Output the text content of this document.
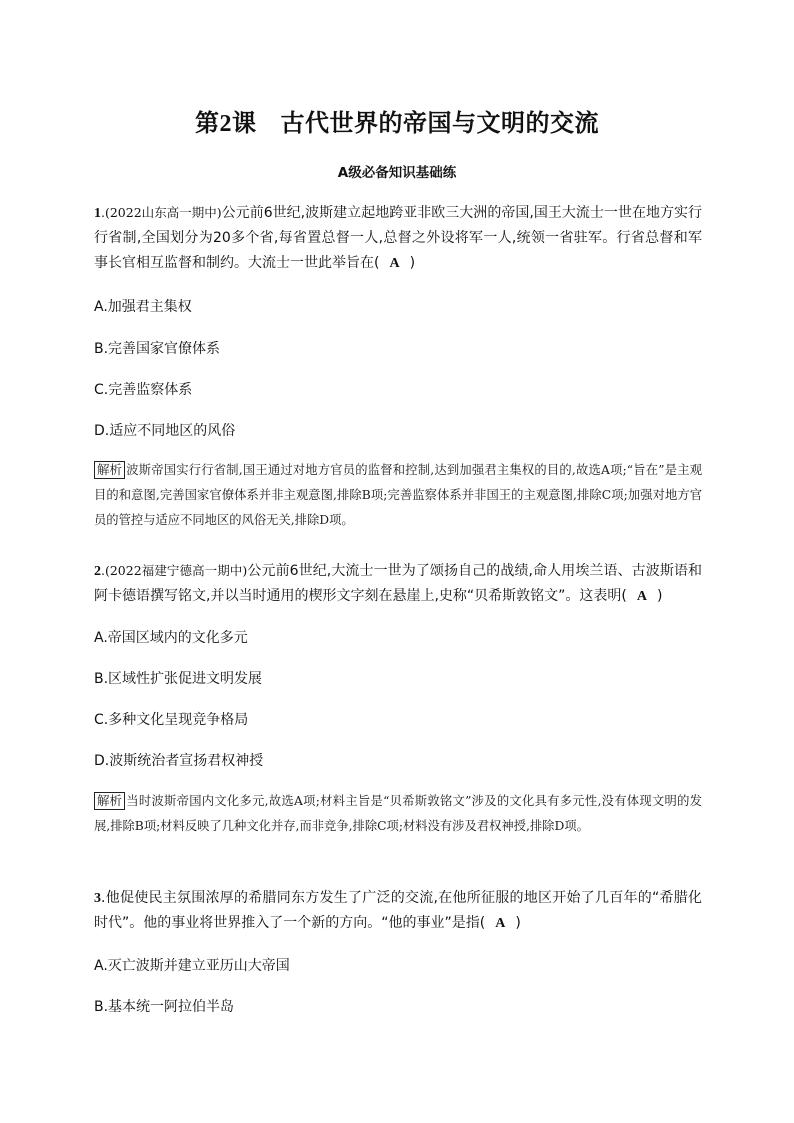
第2课 古代世界的帝国与文明的交流
A级必备知识基础练
1.(2022山东高一期中)公元前6世纪,波斯建立起地跨亚非欧三大洲的帝国,国王大流士一世在地方实行行省制,全国划分为20多个省,每省置总督一人,总督之外设将军一人,统领一省驻军。行省总督和军事长官相互监督和制约。大流士一世此举旨在( A )
A.加强君主集权
B.完善国家官僚体系
C.完善监察体系
D.适应不同地区的风俗
解析 波斯帝国实行行省制,国王通过对地方官员的监督和控制,达到加强君主集权的目的,故选A项;“旨在”是主观目的和意图,完善国家官僚体系并非主观意图,排除B项;完善监察体系并非国王的主观意图,排除C项;加强对地方官员的管控与适应不同地区的风俗无关,排除D项。
2.(2022福建宁德高一期中)公元前6世纪,大流士一世为了颂扬自己的战绩,命人用埃兰语、古波斯语和阿卡德语撰写铭文,并以当时通用的楔形文字刻在悬崖上,史称“贝希斯敦铭文”。这表明( A )
A.帝国区域内的文化多元
B.区域性扩张促进文明发展
C.多种文化呈现竞争格局
D.波斯统治者宣扬君权神授
解析 当时波斯帝国内文化多元,故选A项;材料主旨是“贝希斯敦铭文”涉及的文化具有多元性,没有体现文明的发展,排除B项;材料反映了几种文化并存,而非竞争,排除C项;材料没有涉及君权神授,排除D项。
3.他促使民主氛围浓厚的希腊同东方发生了广泛的交流,在他所征服的地区开始了几百年的“希腊化时代”。他的事业将世界推入了一个新的方向。“他的事业”是指( A )
A.灭亡波斯并建立亚历山大帝国
B.基本统一阿拉伯半岛
